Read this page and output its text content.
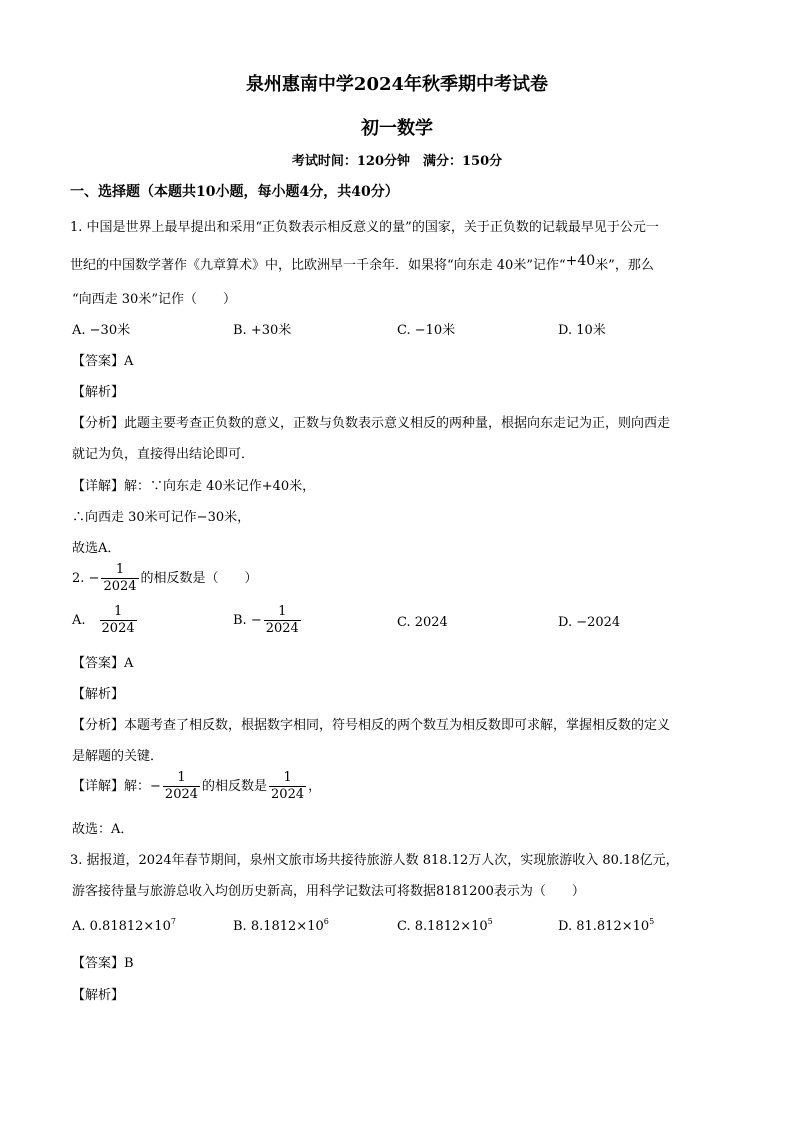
泉州惠南中学2024年秋季期中考试卷
初一数学
考试时间：120分钟　满分：150分
一、选择题（本题共10小题，每小题4分，共40分）
1. 中国是世界上最早提出和采用“正负数表示相反意义的量”的国家，关于正负数的记载最早见于公元一
世纪的中国数学著作《九章算术》中，比欧洲早一千余年．如果将“向东走 40米”记作“+40米”，那么
“向西走 30米”记作（　　）
A. −30米	B. +30米	C. −10米	D. 10米
【答案】A
【解析】
【分析】此题主要考查正负数的意义，正数与负数表示意义相反的两种量，根据向东走记为正，则向西走
就记为负，直接得出结论即可．
【详解】解：∵向东走 40米记作+40米，
∴向西走 30米可记作−30米，
故选A．
2. − $\frac{1}{2024}$ 的相反数是（　　）
A. $\frac{1}{2024}$	B. − $\frac{1}{2024}$	C. 2024	D. −2024
【答案】A
【解析】
【分析】本题考查了相反数，根据数字相同，符号相反的两个数互为相反数即可求解，掌握相反数的定义
是解题的关键．
【详解】解：− $\frac{1}{2024}$ 的相反数是 $\frac{1}{2024}$ ，
故选：A．
3. 据报道，2024年春节期间，泉州文旅市场共接待旅游人数 818.12万人次，实现旅游收入 80.18亿元，
游客接待量与旅游总收入均创历史新高，用科学记数法可将数据8181200表示为（　　）
A. $0.81812\times 10^7$	B. $8.1812\times 10^6$	C. $8.1812\times 10^5$	D. $81.812\times 10^5$
【答案】B
【解析】
